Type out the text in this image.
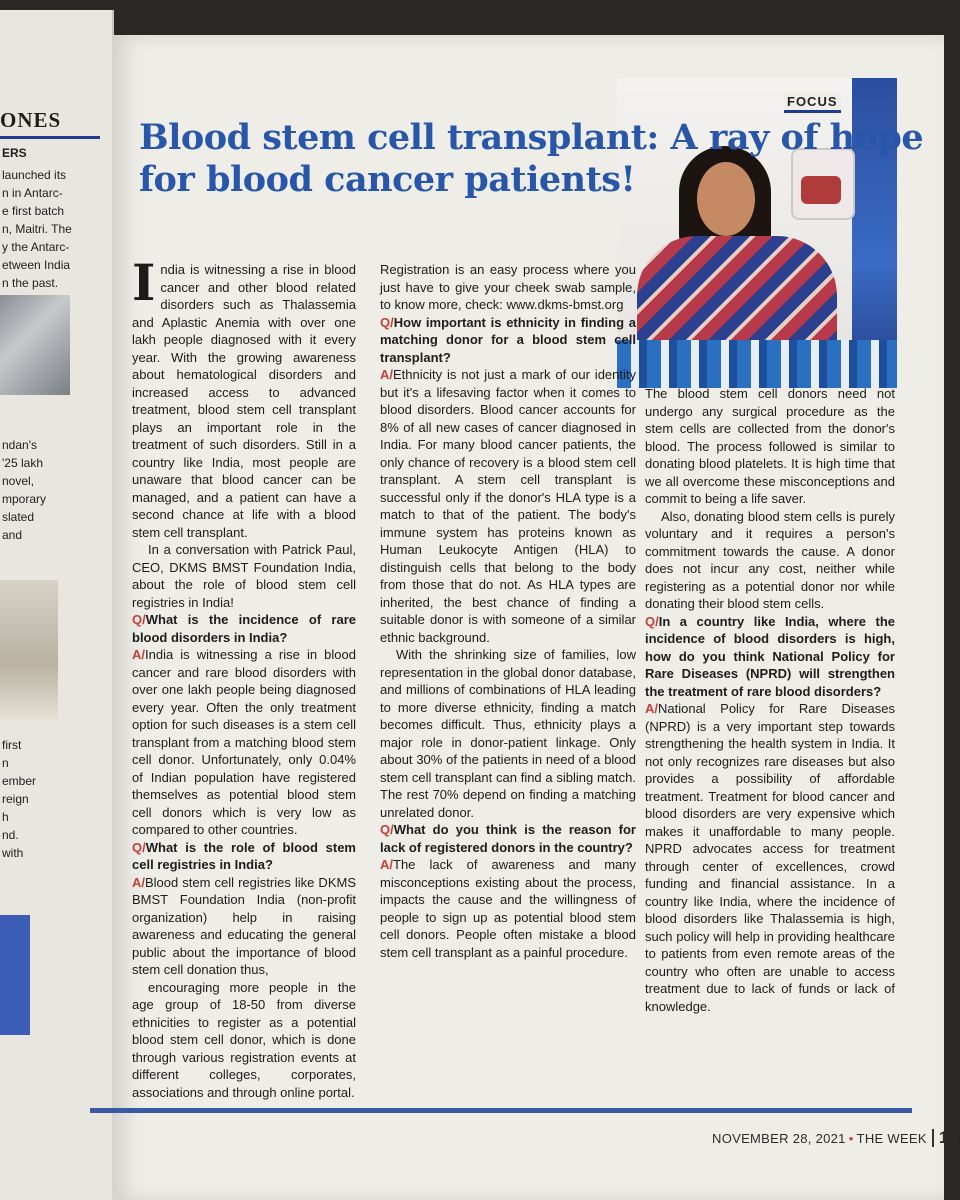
ONES
ERS
launched its
n in Antarc-
e first batch
n, Maitri. The
y the Antarc-
etween India
n the past.
ndan's
'25 lakh
novel,
mporary
slated
and
first
n
ember
reign
h
nd.
with
FOCUS
Blood stem cell transplant: A ray of hope for blood cancer patients!

India is witnessing a rise in blood cancer and other blood related disorders such as Thalassemia and Aplastic Anemia with over one lakh people diagnosed with it every year. With the growing awareness about hematological disorders and increased access to advanced treatment, blood stem cell transplant plays an important role in the treatment of such disorders. Still in a country like India, most people are unaware that blood cancer can be managed, and a patient can have a second chance at life with a blood stem cell transplant.

In a conversation with Patrick Paul, CEO, DKMS BMST Foundation India, about the role of blood stem cell registries in India!

Q/What is the incidence of rare blood disorders in India?

A/India is witnessing a rise in blood cancer and rare blood disorders with over one lakh people being diagnosed every year. Often the only treatment option for such diseases is a stem cell transplant from a matching blood stem cell donor. Unfortunately, only 0.04% of Indian population have registered themselves as potential blood stem cell donors which is very low as compared to other countries.

Q/What is the role of blood stem cell registries in India?

A/Blood stem cell registries like DKMS BMST Foundation India (non-profit organization) help in raising awareness and educating the general public about the importance of blood stem cell donation thus,

encouraging more people in the age group of 18-50 from diverse ethnicities to register as a potential blood stem cell donor, which is done through various registration events at different colleges, corporates, associations and through online portal.

Registration is an easy process where you just have to give your cheek swab sample, to know more, check: www.dkms-bmst.org

Q/How important is ethnicity in finding a matching donor for a blood stem cell transplant?

A/Ethnicity is not just a mark of our identity but it's a lifesaving factor when it comes to blood disorders. Blood cancer accounts for 8% of all new cases of cancer diagnosed in India. For many blood cancer patients, the only chance of recovery is a blood stem cell transplant. A stem cell transplant is successful only if the donor's HLA type is a match to that of the patient. The body's immune system has proteins known as Human Leukocyte Antigen (HLA) to distinguish cells that belong to the body from those that do not. As HLA types are inherited, the best chance of finding a suitable donor is with someone of a similar ethnic background.

With the shrinking size of families, low representation in the global donor database, and millions of combinations of HLA leading to more diverse ethnicity, finding a match becomes difficult. Thus, ethnicity plays a major role in donor-patient linkage. Only about 30% of the patients in need of a blood stem cell transplant can find a sibling match. The rest 70% depend on finding a matching unrelated donor.

Q/What do you think is the reason for lack of registered donors in the country?

A/The lack of awareness and many misconceptions existing about the process, impacts the cause and the willingness of people to sign up as potential blood stem cell donors. People often mistake a blood stem cell transplant as a painful procedure.

The blood stem cell donors need not undergo any surgical procedure as the stem cells are collected from the donor's blood. The process followed is similar to donating blood platelets. It is high time that we all overcome these misconceptions and commit to being a life saver.

Also, donating blood stem cells is purely voluntary and it requires a person's commitment towards the cause. A donor does not incur any cost, neither while registering as a potential donor nor while donating their blood stem cells.

Q/In a country like India, where the incidence of blood disorders is high, how do you think National Policy for Rare Diseases (NPRD) will strengthen the treatment of rare blood disorders?

A/National Policy for Rare Diseases (NPRD) is a very important step towards strengthening the health system in India. It not only recognizes rare diseases but also provides a possibility of affordable treatment. Treatment for blood cancer and blood disorders are very expensive which makes it unaffordable to many people. NPRD advocates access for treatment through center of excellences, crowd funding and financial assistance. In a country like India, where the incidence of blood disorders like Thalassemia is high, such policy will help in providing healthcare to patients from even remote areas of the country who often are unable to access treatment due to lack of funds or lack of knowledge.

NOVEMBER 28, 2021 • THE WEEK 19
